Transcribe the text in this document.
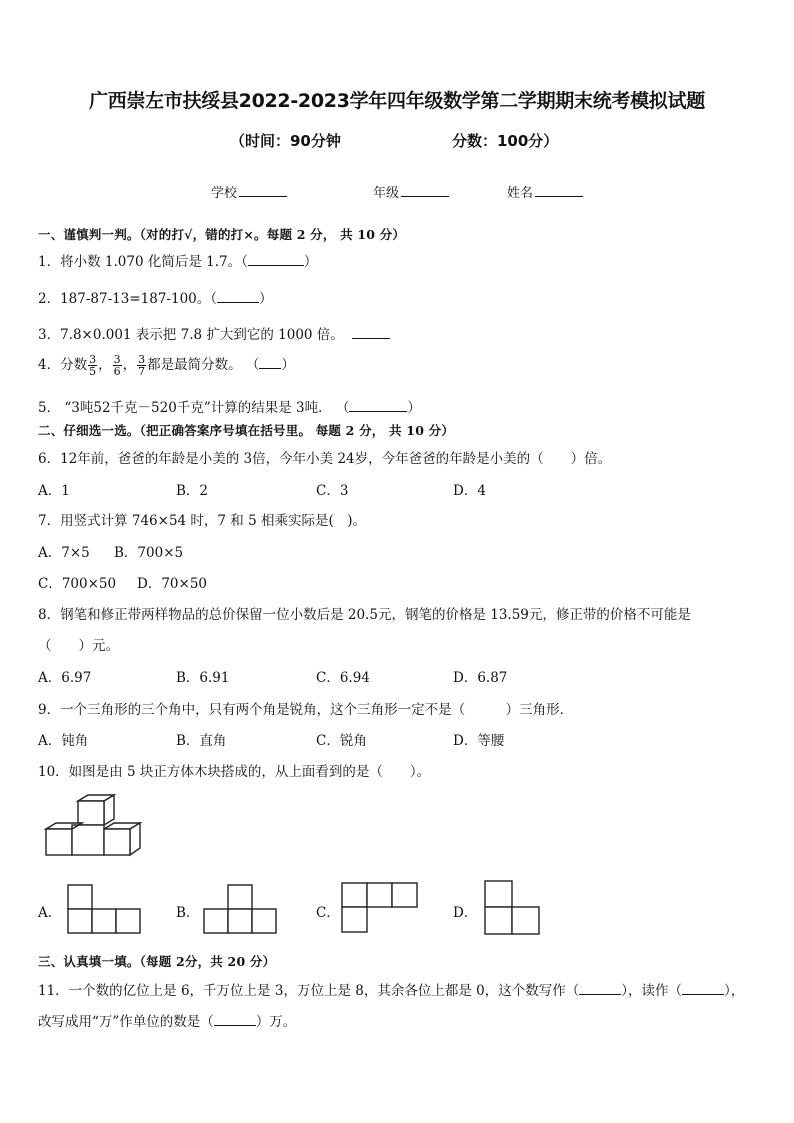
广西崇左市扶绥县2022-2023学年四年级数学第二学期期末统考模拟试题
（时间：90分钟	分数：100分）
学校	年级	姓名
一、谨慎判一判。（对的打√，错的打×。每题 2 分， 共 10 分）
1．将小数 1.070 化简后是 1.7。（	）
2．187-87-13=187-100。（	）
3．7.8×0.001 表示把 7.8 扩大到它的 1000 倍。
4．分数 $\frac{3}{5}$ ， $\frac{3}{6}$ ， $\frac{3}{7}$ 都是最简分数。 （ ）
5． “3吨52千克－520千克”计算的结果是 3吨． （	）
二、仔细选一选。（把正确答案序号填在括号里。 每题 2 分， 共 10 分）
6．12年前，爸爸的年龄是小美的 3倍，今年小美 24岁，今年爸爸的年龄是小美的（　　）倍。
A．1	B．2	C．3	D．4
7．用竖式计算 746×54 时，7 和 5 相乘实际是(　)。
A．7×5 B．700×5
C．700×50 D．70×50
8．钢笔和修正带两样物品的总价保留一位小数后是 20.5元，钢笔的价格是 13.59元，修正带的价格不可能是
（　　）元。
A．6.97	B．6.91	C．6.94	D．6.87
9．一个三角形的三个角中，只有两个角是锐角，这个三角形一定不是（　　　）三角形．
A．钝角	B．直角	C．锐角	D．等腰
10．如图是由 5 块正方体木块搭成的，从上面看到的是（　　）。
A．	B．	C．	D．
三、认真填一填。（每题 2分，共 20 分）
11．一个数的亿位上是 6，千万位上是 3，万位上是 8，其余各位上都是 0，这个数写作（	），读作（	），
改写成用“万”作单位的数是（	）万。
